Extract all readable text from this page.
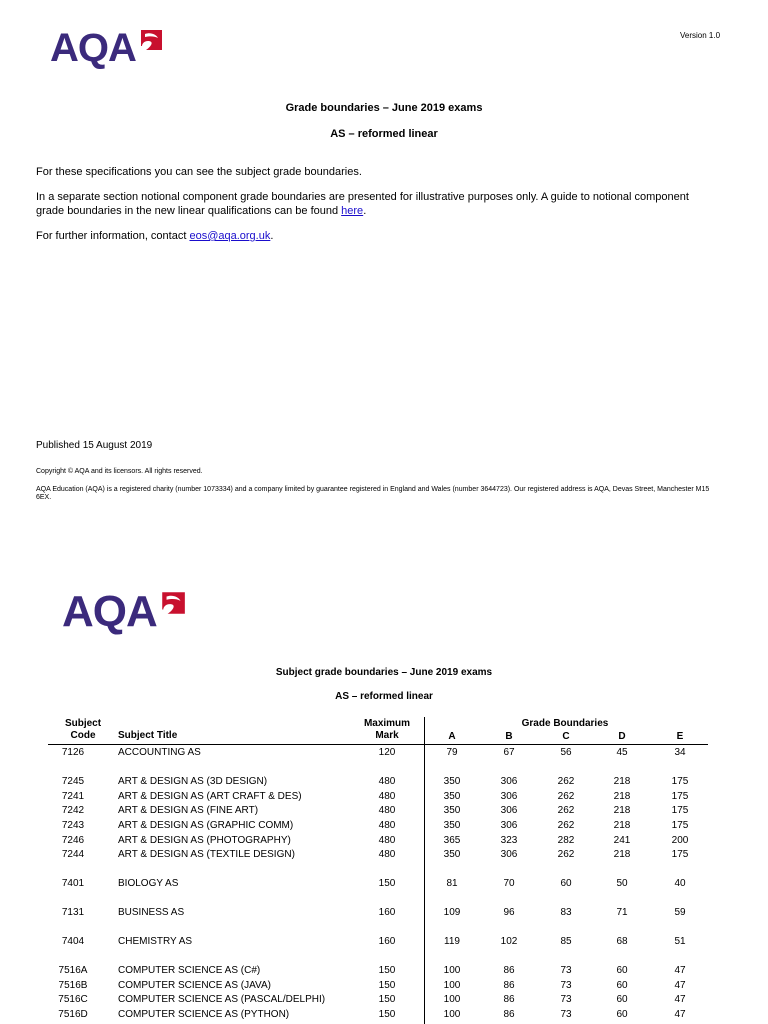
AQA	Version 1.0
Grade boundaries – June 2019 exams
AS – reformed linear
For these specifications you can see the subject grade boundaries.
In a separate section notional component grade boundaries are presented for illustrative purposes only. A guide to notional component grade boundaries in the new linear qualifications can be found here.
For further information, contact eos@aqa.org.uk.
Published 15 August 2019
Copyright © AQA and its licensors. All rights reserved.
AQA Education (AQA) is a registered charity (number 1073334) and a company limited by guarantee registered in England and Wales (number 3644723). Our registered address is AQA, Devas Street, Manchester M15 6EX.
AQA
Subject grade boundaries – June 2019 exams
AS – reformed linear
Subject
Code	Subject Title
Maximum
Mark
Grade Boundaries
A	B	C	D	E
7126	ACCOUNTING AS	120	79	67	56	45	34
7245	ART & DESIGN AS (3D DESIGN)	480	350	306	262	218	175
7241	ART & DESIGN AS (ART CRAFT & DES)	480	350	306	262	218	175
7242	ART & DESIGN AS (FINE ART)	480	350	306	262	218	175
7243	ART & DESIGN AS (GRAPHIC COMM)	480	350	306	262	218	175
7246	ART & DESIGN AS (PHOTOGRAPHY)	480	365	323	282	241	200
7244	ART & DESIGN AS (TEXTILE DESIGN)	480	350	306	262	218	175
7401	BIOLOGY AS	150	81	70	60	50	40
7131	BUSINESS AS	160	109	96	83	71	59
7404	CHEMISTRY AS	160	119	102	85	68	51
7516A	COMPUTER SCIENCE AS (C#)	150	100	86	73	60	47
7516B	COMPUTER SCIENCE AS (JAVA)	150	100	86	73	60	47
7516C	COMPUTER SCIENCE AS (PASCAL/DELPHI)	150	100	86	73	60	47
7516D	COMPUTER SCIENCE AS (PYTHON)	150	100	86	73	60	47
